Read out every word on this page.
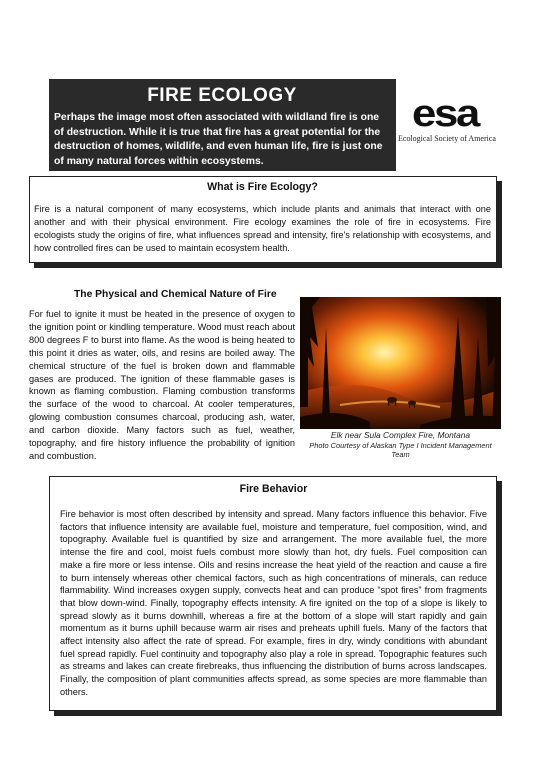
FIRE ECOLOGY

Perhaps the image most often associated with wildland fire is one of destruction. While it is true that fire has a great potential for the destruction of homes, wildlife, and even human life, fire is just one of many natural forces within ecosystems.

esa
Ecological Society of America
What is Fire Ecology?

Fire is a natural component of many ecosystems, which include plants and animals that interact with one another and with their physical environment. Fire ecology examines the role of fire in ecosystems. Fire ecologists study the origins of fire, what influences spread and intensity, fire's relationship with ecosystems, and how controlled fires can be used to maintain ecosystem health.

The Physical and Chemical Nature of Fire

For fuel to ignite it must be heated in the presence of oxygen to the ignition point or kindling temperature. Wood must reach about 800 degrees F to burst into flame. As the wood is being heated to this point it dries as water, oils, and resins are boiled away. The chemical structure of the fuel is broken down and flammable gases are produced. The ignition of these flammable gases is known as flaming combustion. Flaming combustion transforms the surface of the wood to charcoal. At cooler temperatures, glowing combustion consumes charcoal, producing ash, water, and carbon dioxide. Many factors such as fuel, weather, topography, and fire history influence the probability of ignition and combustion.

Elk near Sula Complex Fire, Montana
Photo Courtesy of Alaskan Type I Incident Management Team
Fire Behavior

Fire behavior is most often described by intensity and spread. Many factors influence this behavior. Five factors that influence intensity are available fuel, moisture and temperature, fuel composition, wind, and topography. Available fuel is quantified by size and arrangement. The more available fuel, the more intense the fire and cool, moist fuels combust more slowly than hot, dry fuels. Fuel composition can make a fire more or less intense. Oils and resins increase the heat yield of the reaction and cause a fire to burn intensely whereas other chemical factors, such as high concentrations of minerals, can reduce flammability. Wind increases oxygen supply, convects heat and can produce “spot fires” from fragments that blow down-wind. Finally, topography effects intensity. A fire ignited on the top of a slope is likely to spread slowly as it burns downhill, whereas a fire at the bottom of a slope will start rapidly and gain momentum as it burns uphill because warm air rises and preheats uphill fuels. Many of the factors that affect intensity also affect the rate of spread. For example, fires in dry, windy conditions with abundant fuel spread rapidly. Fuel continuity and topography also play a role in spread. Topographic features such as streams and lakes can create firebreaks, thus influencing the distribution of burns across landscapes. Finally, the composition of plant communities affects spread, as some species are more flammable than others.
